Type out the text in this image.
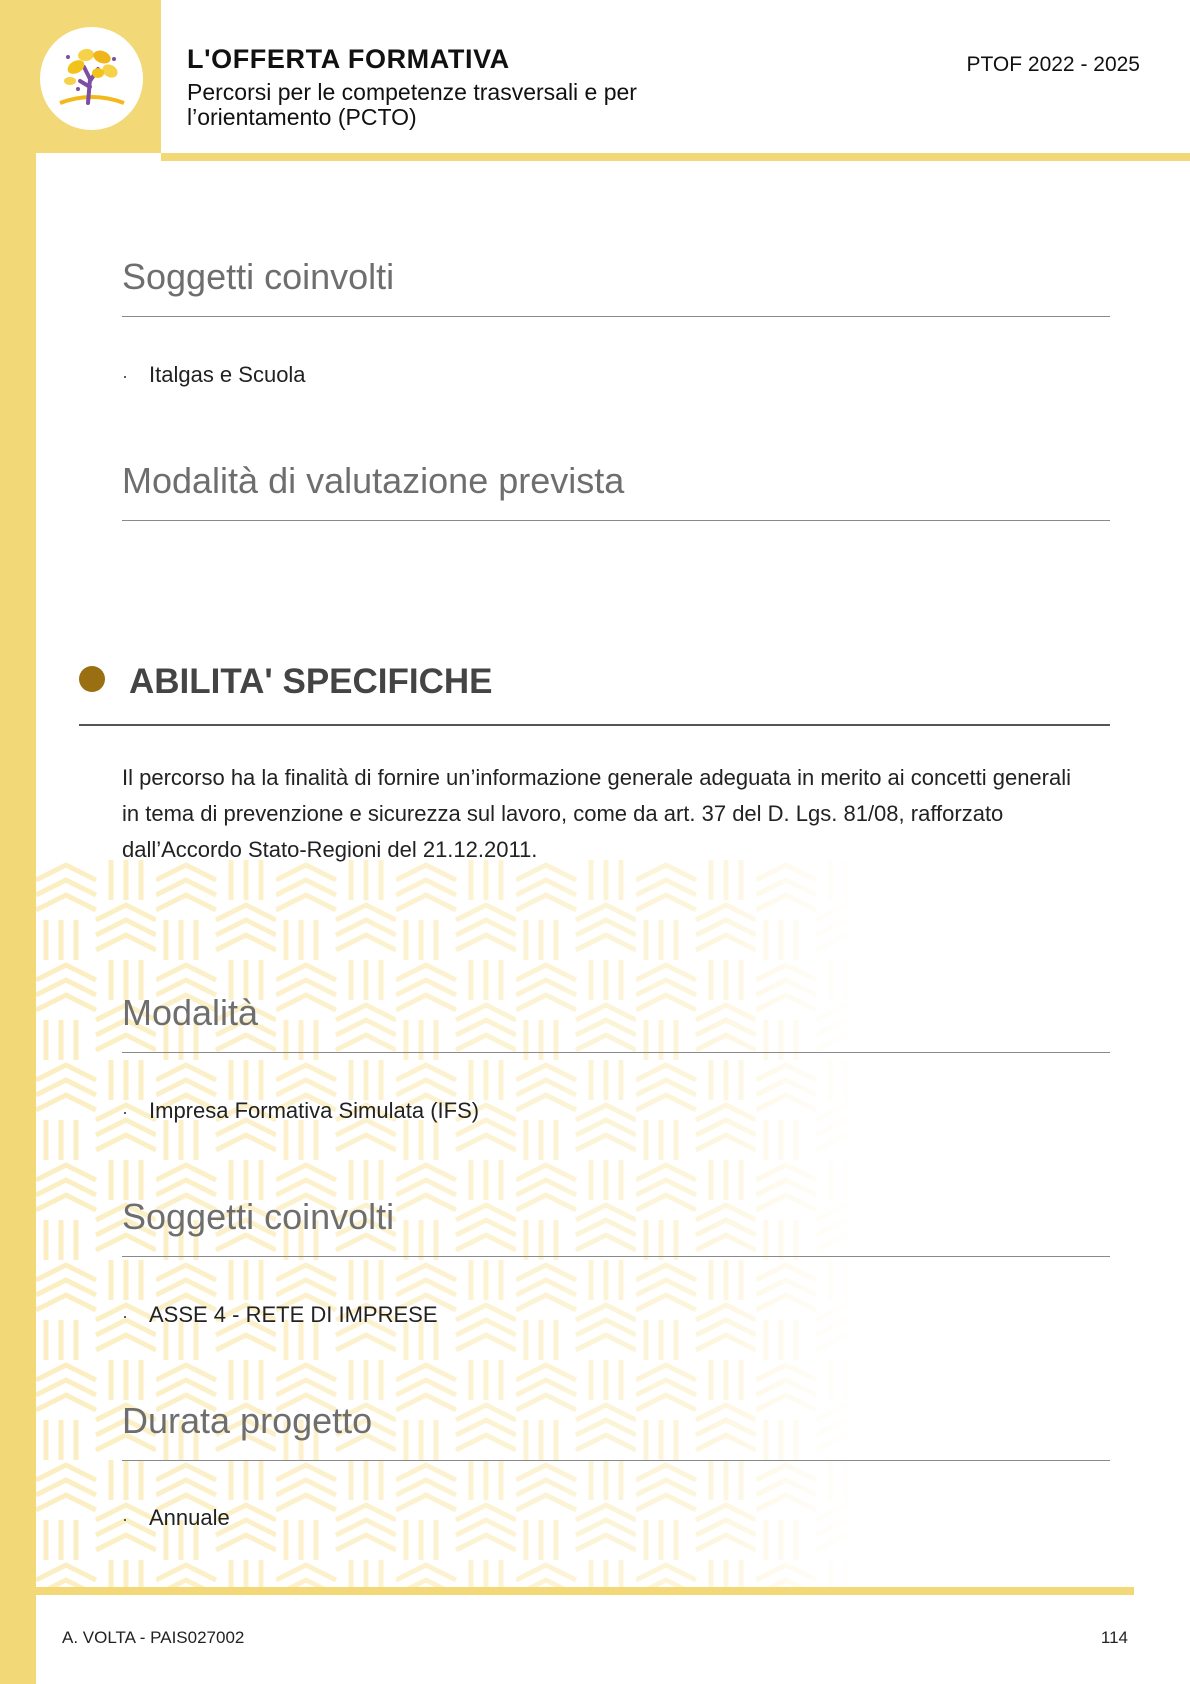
L'OFFERTA FORMATIVA
Percorsi per le competenze trasversali e per l’orientamento (PCTO)
PTOF 2022 - 2025
Soggetti coinvolti
· Italgas e Scuola
Modalità di valutazione prevista
ABILITA' SPECIFICHE
Il percorso ha la finalità di fornire un’informazione generale adeguata in merito ai concetti generali in tema di prevenzione e sicurezza sul lavoro, come da art. 37 del D. Lgs. 81/08, rafforzato dall’Accordo Stato-Regioni del 21.12.2011.
Modalità
· Impresa Formativa Simulata (IFS)
Soggetti coinvolti
· ASSE 4 - RETE DI IMPRESE
Durata progetto
· Annuale
A. VOLTA - PAIS027002	114
